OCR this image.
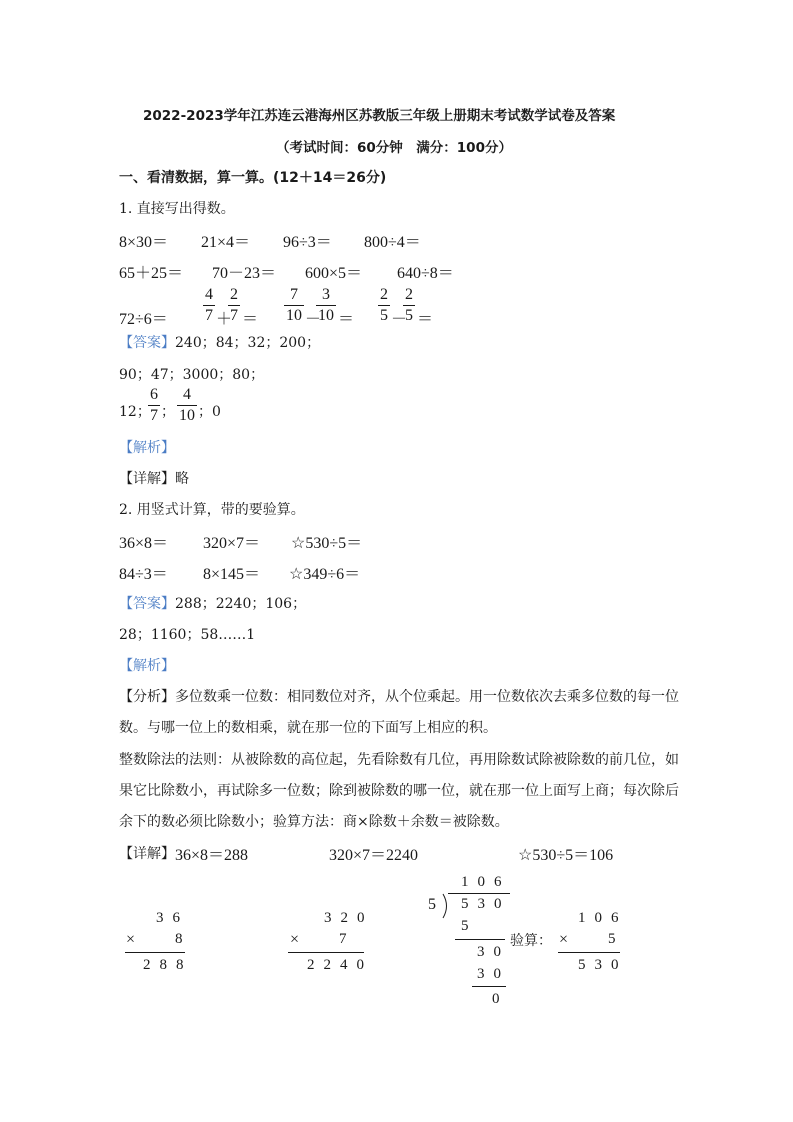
2022-2023学年江苏连云港海州区苏教版三年级上册期末考试数学试卷及答案
（考试时间：60分钟　满分：100分）
一、看清数据，算一算。(12＋14＝26分)
1. 直接写出得数。
8×30＝ 21×4＝ 96÷3＝ 800÷4＝
65＋25＝ 70－23＝ 600×5＝ 640÷8＝
72÷6＝
4
7 ＋
2
7 ＝
7
10 －
3
10 ＝
2
5 －
2
5 ＝
【答案】240；84；32；200；
90；47；3000；80；
12；
6
7 ；
4
10 ；0
【解析】
【详解】略
2. 用竖式计算，带的要验算。
36×8＝ 320×7＝ ☆530÷5＝
84÷3＝ 8×145＝ ☆349÷6＝
【答案】288；2240；106；
28；1160；58……1
【解析】
【分析】多位数乘一位数：相同数位对齐，从个位乘起。用一位数依次去乘多位数的每一位
数。与哪一位上的数相乘，就在那一位的下面写上相应的积。
整数除法的法则：从被除数的高位起，先看除数有几位，再用除数试除被除数的前几位，如
果它比除数小，再试除多一位数；除到被除数的哪一位，就在那一位上面写上商；每次除后
余下的数必须比除数小；验算方法：商×除数＋余数＝被除数。
【详解】 36×8＝288	320×7＝2240	☆530÷5＝106
36
×	8
288
320
×	7
2240
106
5 530
5
30
30
0
验算：
106
×	5
530
